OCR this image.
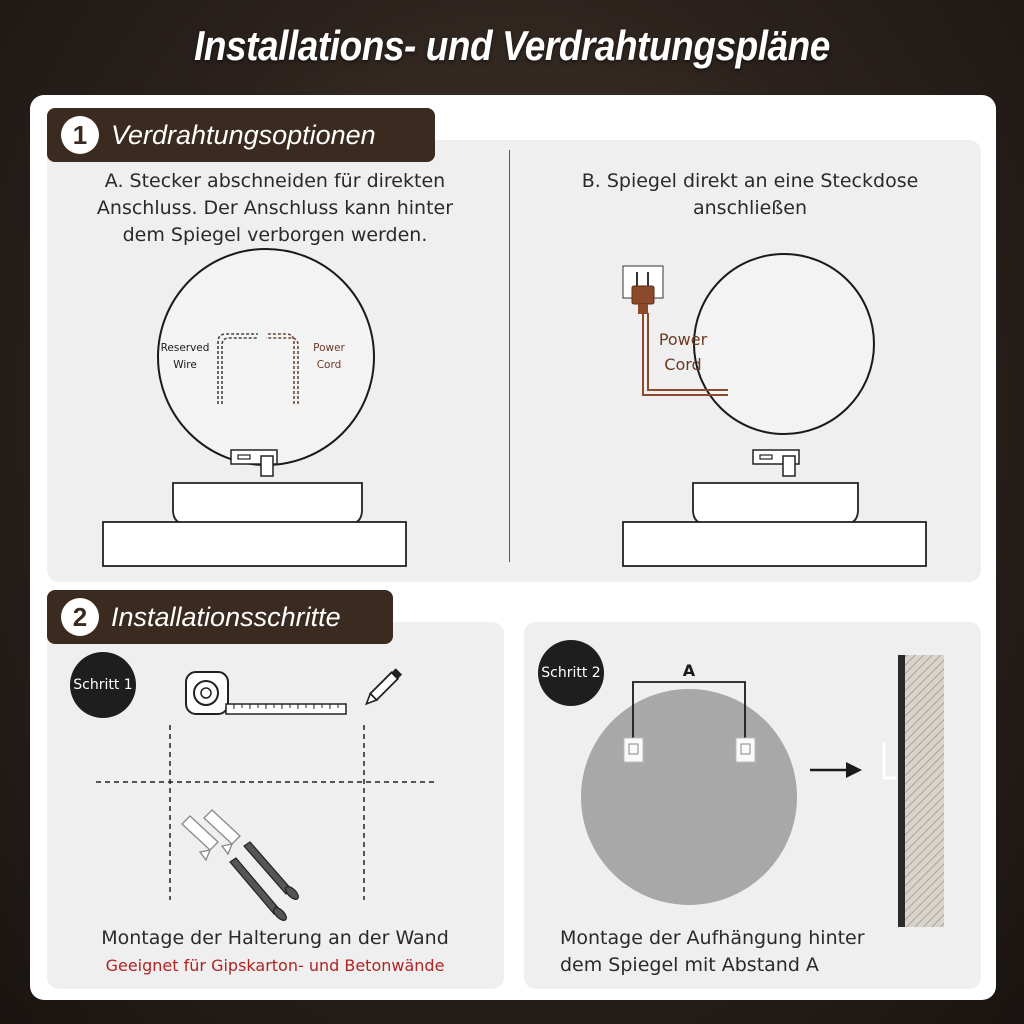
Installations- und Verdrahtungspläne
1 Verdrahtungsoptionen
A. Stecker abschneiden für direkten
Anschluss. Der Anschluss kann hinter
dem Spiegel verborgen werden.
B. Spiegel direkt an eine Steckdose
anschließen
Reserved
Wire
Power
Cord
Power
Cord
2 Installationsschritte
Schritt 1
Schritt 2
Montage der Halterung an der Wand
Geeignet für Gipskarton- und Betonwände
A
Montage der Aufhängung hinter
dem Spiegel mit Abstand A
